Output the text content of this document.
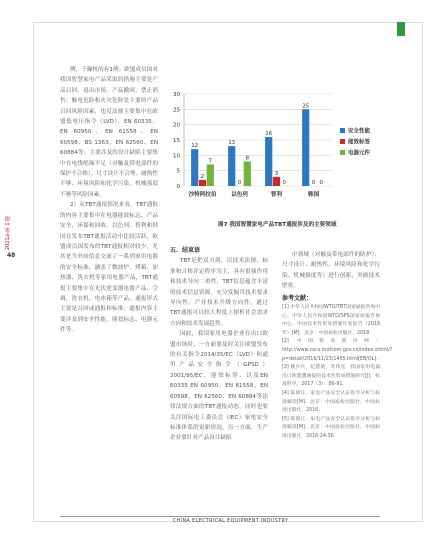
2021年第 1 期
48

例，干燥机的有1例；欧盟成员国对我国智慧家电产品采取的措施主要是产品召回、退出市场、产品撤回、禁止销售；触电危险和火灾危险是主要的产品召回风险因素，违反法规主要集中在欧盟低电压指令（LVD）、EN 60335、EN 60950、EN 61558、EN 60598、BS 1363、EN 62560、EN 60884等；主要涉及的设计缺陷主要集中在电线绝缘不足（对触及带电部件的保护不合格）、尺寸设计不合理、耐热性不够、环境风险和化学污染、机械强度不够等风险因素。

2）从TBT通报情况来看，TBT通报的内容主要集中在电器能效标志、产品安全、环保和回收、以色列、智利和韩国在发布TBT通报活动中比较活跃，欧盟成员国发布的TBT通报相对较少，尤其是当外间信息交流了一系列家用电器的安全标准、涵盖了微波炉、烤箱、加热器、洗衣机等家用电器产品，TBT通报主要集中在光伏逆变器电器产品、空调、洗衣机、电冰箱等产品，通报形式主要是召回或通报和标准；通报内容主要涉及到安全性能、能效标志、电器元件等。

五．结束语

TBT是把双刃剑，以技术法规、标准和合格评定程序为主，具有很强作用和技术导向二重性，TBT信息蕴含丰富的技术信息资源，充分发掘其技术要求导向性，产业技术升级方向性，通过TBT通报可以较大程度上探析社会需求方向和技术发展趋势。

因此，我国家用电器企业在出口欧盟市场时，一方面要及时关注欧盟发布的有关指令2014/35/EC（LVD）和通用产品安全指令（GPSD）2001/95/EC、能效标签、以及EN 60335 EN 60950、EN 61558、EN 60598、EN 62560、EN 60884等法律法规方面的TBT通报动态，同时也要关注国际电工委员会（IEC）家电安全标准体系的更新情况，另一方面，生产企业要针对产品设计缺陷

中领域（对触及带电部件的防护）、尺寸设计、耐热性、环境风险和化学污染、机械强度等）进行创新，突破技术壁垒。

参考文献：

[1] 中华人民共和国WTO/TBT国家通报咨询中心，中华人民共和国WTO/SPS国家通报咨询中心，中国技术性贸易措施年度报告（2018年）[M]．北京：中国质检出版社，2018.

[2] 中国贸易救济网：http://www.cacs.mofcom.gov.cn/index.shtml/?p=detail/2016/11/23/1455.html[EB/OL].

[3] 姚兵兵，纪慧航，苏伟光．我国家用电器出口欧盟遭通报的技术性贸易措施研究[J]．标准科学，2017（3）：86-91.

[4] 陈锦江．家电产品安全认证指令分析与标准解读[M]．北京：中国质检出版社，中国标准出版社，2016.

[5] 陈锦江．家电产品安全认证指令分析与标准解读[M]．北京：中国质检出版社，中国标准出版社，2016:24-36.

0
5
10
15
20
25
30
12
2
7
13
0
8
16
3
0
25
0 0
沙特阿拉伯	以色列	智利	韩国
安全性能
能效标签
电器元件
图7 我国智慧家电产品TBT通报涉及的主要领域
CHINA ELECTRICAL EQUIPMENT INDUSTRY
